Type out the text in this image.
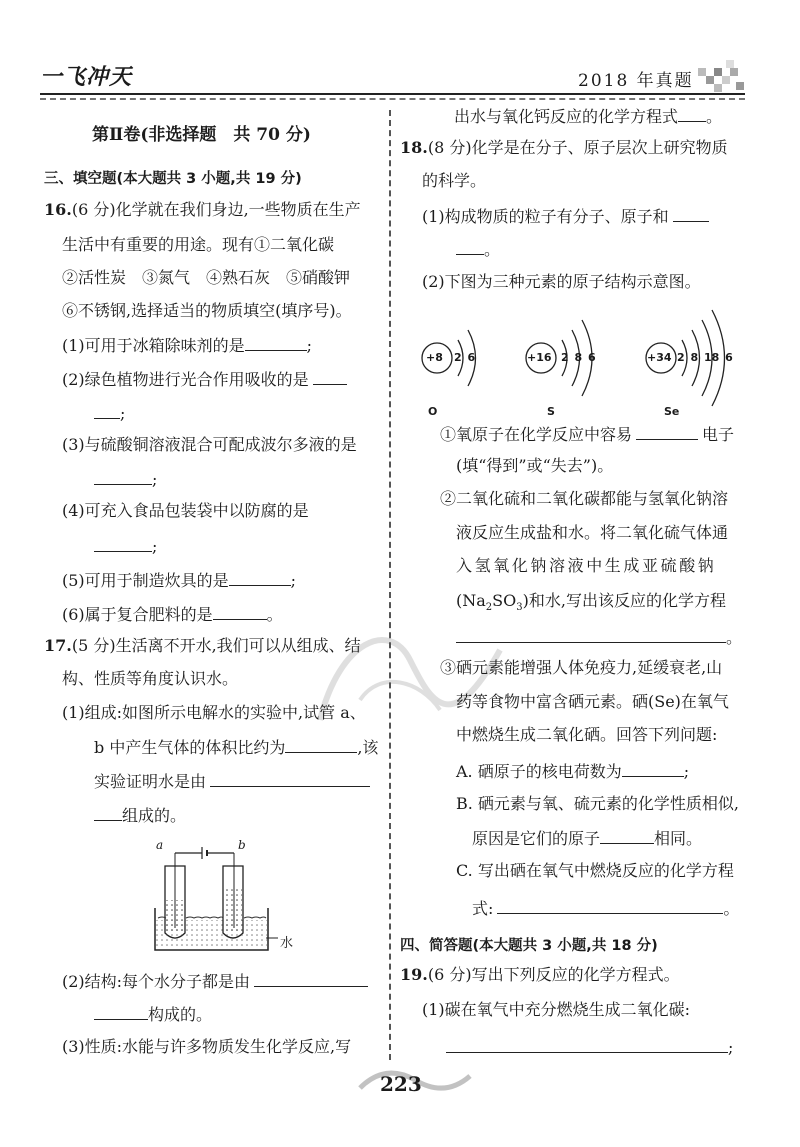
一飞冲天	2018 年真题
第Ⅱ卷(非选择题　共 70 分)
三、填空题(本大题共 3 小题,共 19 分)
16.(6 分)化学就在我们身边,一些物质在生产
生活中有重要的用途。现有①二氧化碳
②活性炭　③氮气　④熟石灰　⑤硝酸钾
⑥不锈钢,选择适当的物质填空(填序号)。
(1)可用于冰箱除味剂的是	;
(2)绿色植物进行光合作用吸收的是
;
(3)与硫酸铜溶液混合可配成波尔多液的是
;
(4)可充入食品包装袋中以防腐的是
;
(5)可用于制造炊具的是	;
(6)属于复合肥料的是	。
17.(5 分)生活离不开水,我们可以从组成、结
构、性质等角度认识水。
(1)组成:如图所示电解水的实验中,试管 a、
b 中产生气体的体积比约为	,该
实验证明水是由
组成的。
a	b
水
(2)结构:每个水分子都是由
构成的。
(3)性质:水能与许多物质发生化学反应,写
出水与氧化钙反应的化学方程式 。
18.(8 分)化学是在分子、原子层次上研究物质
的科学。
(1)构成物质的粒子有分子、原子和
。
(2)下图为三种元素的原子结构示意图。
+8 2 6	+16 2 8 6	+34 2 8 18 6
O	S	Se
①氧原子在化学反应中容易	电子
(填“得到”或“失去”)。
②二氧化硫和二氧化碳都能与氢氧化钠溶
液反应生成盐和水。将二氧化硫气体通
入氢氧化钠溶液中生成亚硫酸钠
$(Na_2SO_3)$和水,写出该反应的化学方程
。
③硒元素能增强人体免疫力,延缓衰老,山
药等食物中富含硒元素。硒(Se)在氧气
中燃烧生成二氧化硒。回答下列问题:
A. 硒原子的核电荷数为	;
B. 硒元素与氧、硫元素的化学性质相似,
原因是它们的原子	相同。
C. 写出硒在氧气中燃烧反应的化学方程
式:	。
四、简答题(本大题共 3 小题,共 18 分)
19.(6 分)写出下列反应的化学方程式。
(1)碳在氧气中充分燃烧生成二氧化碳:
;
223
